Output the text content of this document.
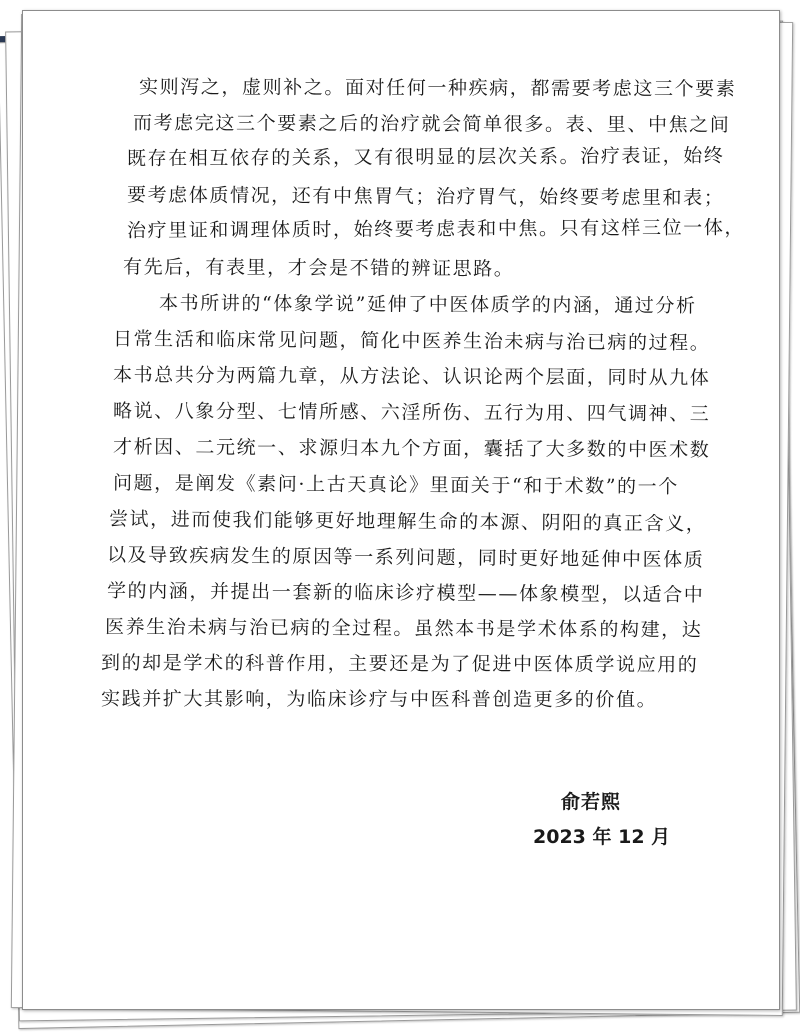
实则泻之，虚则补之。面对任何一种疾病，都需要考虑这三个要素
而考虑完这三个要素之后的治疗就会简单很多。表、里、中焦之间
既存在相互依存的关系，又有很明显的层次关系。治疗表证，始终
要考虑体质情况，还有中焦胃气；治疗胃气，始终要考虑里和表；
治疗里证和调理体质时，始终要考虑表和中焦。只有这样三位一体，
有先后，有表里，才会是不错的辨证思路。
本书所讲的“体象学说”延伸了中医体质学的内涵，通过分析
日常生活和临床常见问题，简化中医养生治未病与治已病的过程。
本书总共分为两篇九章，从方法论、认识论两个层面，同时从九体
略说、八象分型、七情所感、六淫所伤、五行为用、四气调神、三
才析因、二元统一、求源归本九个方面，囊括了大多数的中医术数
问题，是阐发《素问·上古天真论》里面关于“和于术数”的一个
尝试，进而使我们能够更好地理解生命的本源、阴阳的真正含义，
以及导致疾病发生的原因等一系列问题，同时更好地延伸中医体质
学的内涵，并提出一套新的临床诊疗模型——体象模型，以适合中
医养生治未病与治已病的全过程。虽然本书是学术体系的构建，达
到的却是学术的科普作用，主要还是为了促进中医体质学说应用的
实践并扩大其影响，为临床诊疗与中医科普创造更多的价值。
俞若熙
2023 年 12 月
